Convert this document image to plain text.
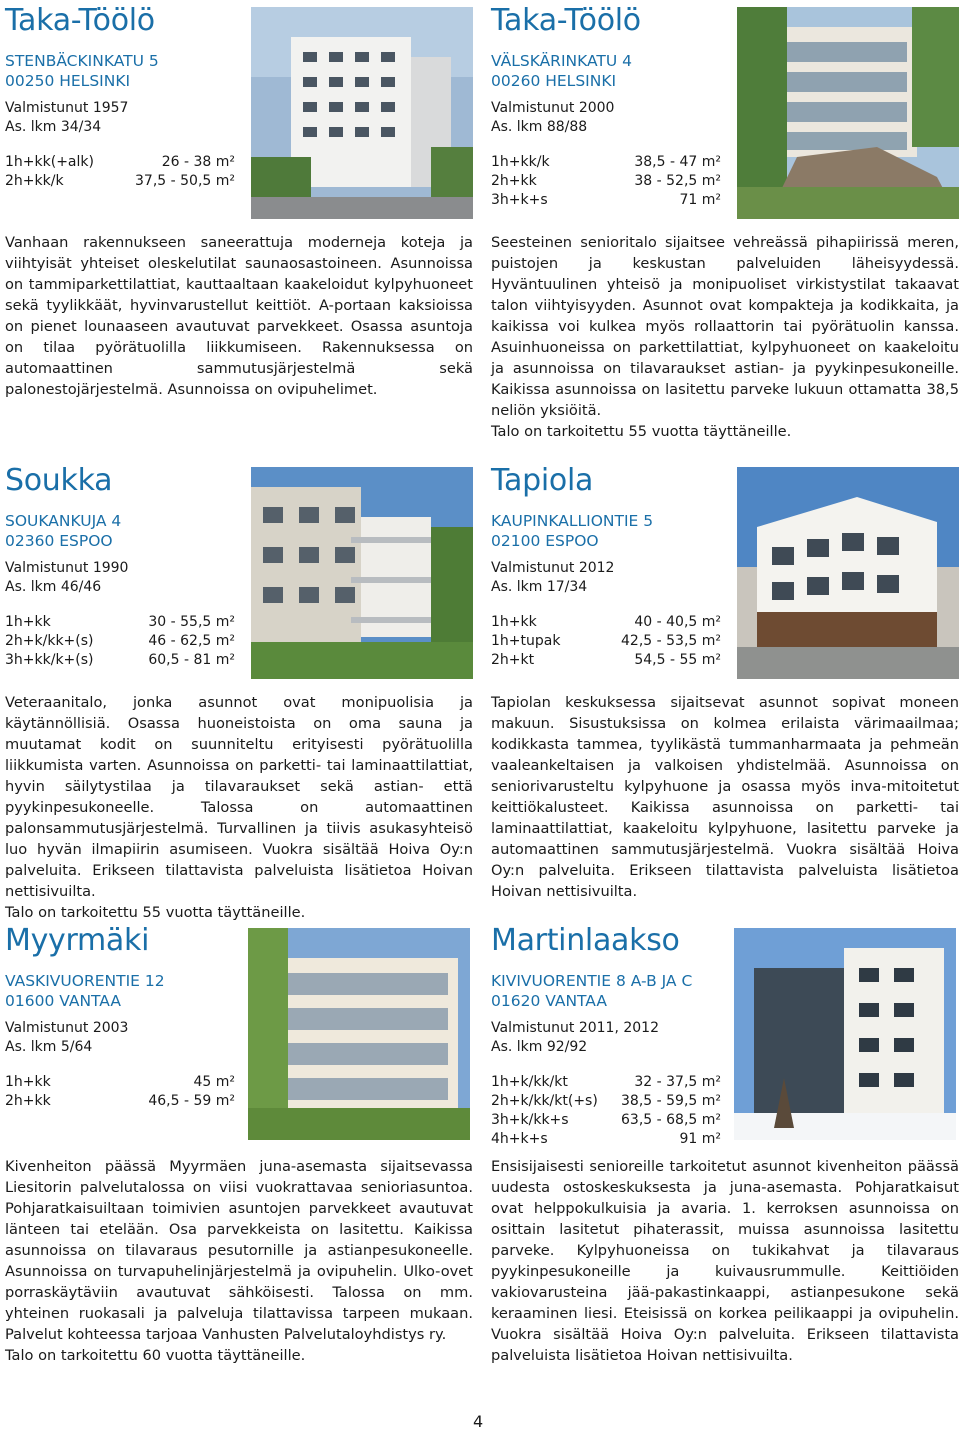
Taka-Töölö
STENBÄCKINKATU 5
00250 HELSINKI
Valmistunut 1957
As. lkm 34/34
1h+kk(+alk)	26 - 38 m²
2h+kk/k	37,5 - 50,5 m²

Vanhaan rakennukseen saneerattuja moderneja koteja ja viihtyisät yhteiset oleskelutilat saunaosastoineen. Asunnoissa on tammiparkettilattiat, kauttaaltaan kaakeloidut kylpyhuoneet sekä tyylikkäät, hyvinvarustellut keittiöt. A-portaan kaksioissa on pienet lounaaseen avautuvat parvekkeet. Osassa asuntoja on tilaa pyörätuolilla liikkumiseen. Rakennuksessa on automaattinen sammutusjärjestelmä sekä palonestojärjestelmä. Asunnoissa on ovipuhelimet.

Taka-Töölö
VÄLSKÄRINKATU 4
00260 HELSINKI
Valmistunut 2000
As. lkm 88/88
1h+kk/k	38,5 - 47 m²
2h+kk	38 - 52,5 m²
3h+k+s	71 m²

Seesteinen senioritalo sijaitsee vehreässä pihapiirissä meren, puistojen ja keskustan palveluiden läheisyydessä. Hyväntuulinen yhteisö ja monipuoliset virkistystilat takaavat talon viihtyisyyden. Asunnot ovat kompakteja ja kodikkaita, ja kaikissa voi kulkea myös rollaattorin tai pyörätuolin kanssa. Asuinhuoneissa on parkettilattiat, kylpyhuoneet on kaakeloitu ja asunnoissa on tilavaraukset astian- ja pyykinpesukoneille. Kaikissa asunnoissa on lasitettu parveke lukuun ottamatta 38,5 neliön yksiöitä.

Talo on tarkoitettu 55 vuotta täyttäneille.

Soukka
SOUKANKUJA 4
02360 ESPOO
Valmistunut 1990
As. lkm 46/46
1h+kk	30 - 55,5 m²
2h+k/kk+(s)	46 - 62,5 m²
3h+kk/k+(s)	60,5 - 81 m²

Veteraanitalo, jonka asunnot ovat monipuolisia ja käytännöllisiä. Osassa huoneistoista on oma sauna ja muutamat kodit on suunniteltu erityisesti pyörätuolilla liikkumista varten. Asunnoissa on parketti- tai laminaattilattiat, hyvin säilytystilaa ja tilavaraukset sekä astian- että pyykinpesukoneelle. Talossa on automaattinen palonsammutusjärjestelmä. Turvallinen ja tiivis asukasyhteisö luo hyvän ilmapiirin asumiseen. Vuokra sisältää Hoiva Oy:n palveluita. Erikseen tilattavista palveluista lisätietoa Hoivan nettisivuilta.

Talo on tarkoitettu 55 vuotta täyttäneille.

Tapiola
KAUPINKALLIONTIE 5
02100 ESPOO
Valmistunut 2012
As. lkm 17/34
1h+kk	40 - 40,5 m²
1h+tupak	42,5 - 53,5 m²
2h+kt	54,5 - 55 m²

Tapiolan keskuksessa sijaitsevat asunnot sopivat moneen makuun. Sisustuksissa on kolmea erilaista värimaailmaa; kodikkasta tammea, tyylikästä tummanharmaata ja pehmeän vaaleankeltaisen ja valkoisen yhdistelmää. Asunnoissa on seniorivarusteltu kylpyhuone ja osassa myös inva-mitoitetut keittiökalusteet. Kaikissa asunnoissa on parketti- tai laminaattilattiat, kaakeloitu kylpyhuone, lasitettu parveke ja automaattinen sammutusjärjestelmä. Vuokra sisältää Hoiva Oy:n palveluita. Erikseen tilattavista palveluista lisätietoa Hoivan nettisivuilta.

Myyrmäki
VASKIVUORENTIE 12
01600 VANTAA
Valmistunut 2003
As. lkm 5/64
1h+kk	45 m²
2h+kk	46,5 - 59 m²

Kivenheiton päässä Myyrmäen juna-asemasta sijaitsevassa Liesitorin palvelutalossa on viisi vuokrattavaa senioriasuntoa. Pohjaratkaisuiltaan toimivien asuntojen parvekkeet avautuvat länteen tai etelään. Osa parvekkeista on lasitettu. Kaikissa asunnoissa on tilavaraus pesutornille ja astianpesukoneelle. Asunnoissa on turvapuhelinjärjestelmä ja ovipuhelin. Ulko-ovet porraskäytäviin avautuvat sähköisesti. Talossa on mm. yhteinen ruokasali ja palveluja tilattavissa tarpeen mukaan. Palvelut kohteessa tarjoaa Vanhusten Palvelutaloyhdistys ry.

Talo on tarkoitettu 60 vuotta täyttäneille.

Martinlaakso
KIVIVUORENTIE 8 A-B JA C
01620 VANTAA
Valmistunut 2011, 2012
As. lkm 92/92
1h+k/kk/kt	32 - 37,5 m²
2h+k/kk/kt(+s) 38,5 - 59,5 m²
3h+k/kk+s	63,5 - 68,5 m²
4h+k+s	91 m²

Ensisijaisesti senioreille tarkoitetut asunnot kivenheiton päässä uudesta ostoskeskuksesta ja juna-asemasta. Pohjaratkaisut ovat helppokulkuisia ja avaria. 1. kerroksen asunnoissa on osittain lasitetut pihaterassit, muissa asunnoissa lasitettu parveke. Kylpyhuoneissa on tukikahvat ja tilavaraus pyykinpesukoneille ja kuivausrummulle. Keittiöiden vakiovarusteina jää-pakastinkaappi, astianpesukone sekä keraaminen liesi. Eteisissä on korkea peilikaappi ja ovipuhelin. Vuokra sisältää Hoiva Oy:n palveluita. Erikseen tilattavista palveluista lisätietoa Hoivan nettisivuilta.

4
